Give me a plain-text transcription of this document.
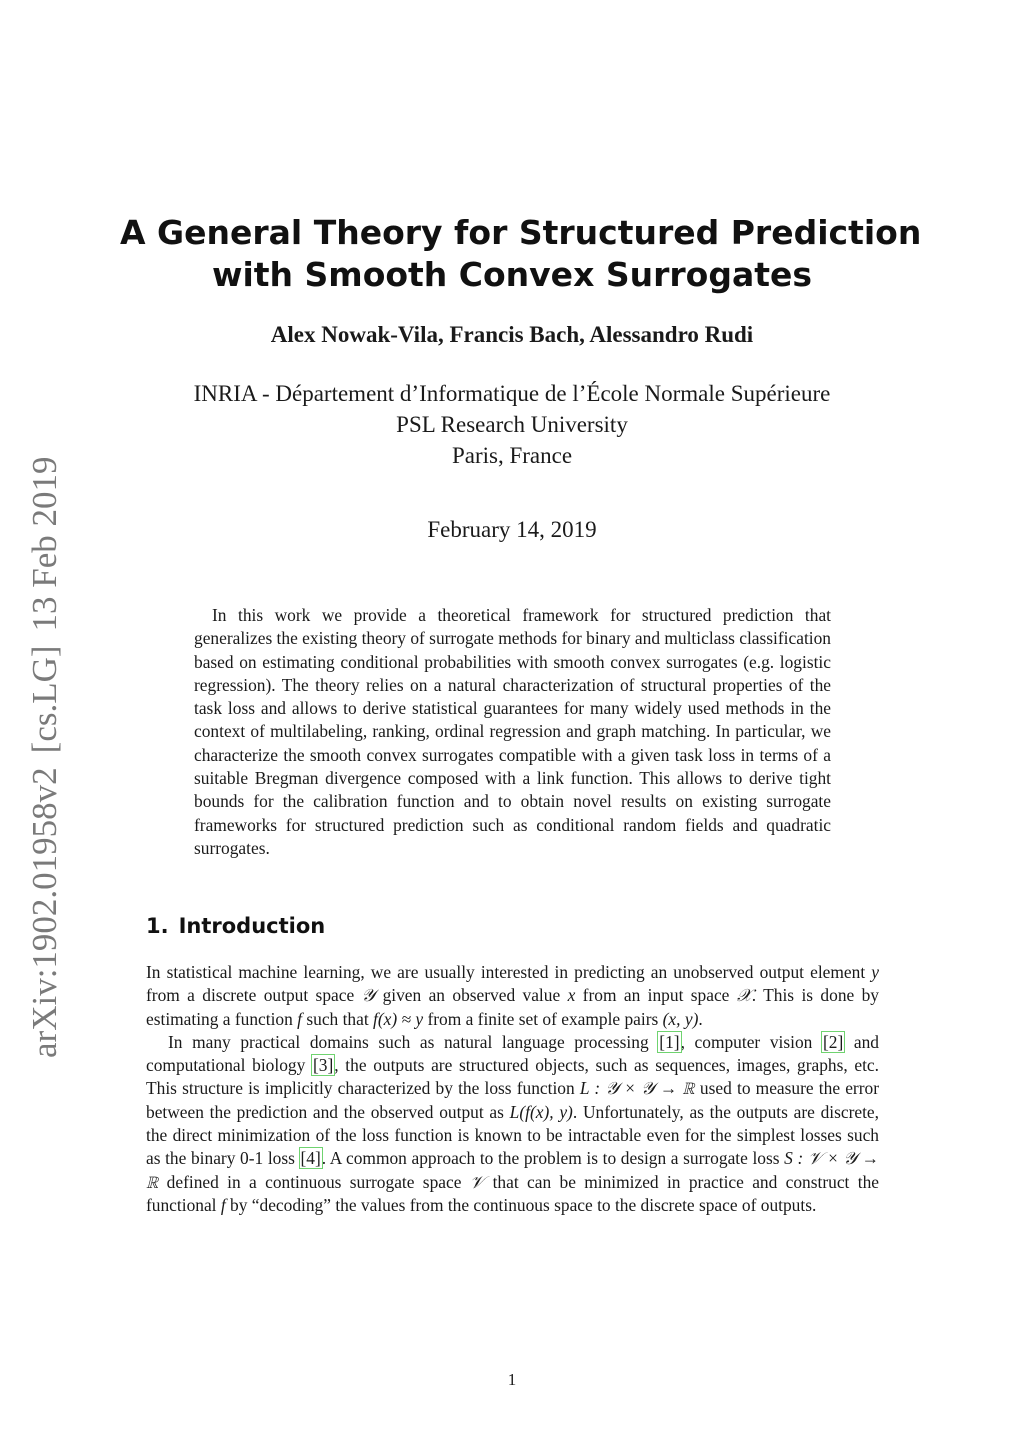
arXiv:1902.01958v2[cs.LG]13 Feb 2019
A General Theory for Structured Prediction
with Smooth Convex Surrogates
Alex Nowak-Vila, Francis Bach, Alessandro Rudi
INRIA - Département d’Informatique de l’École Normale Supérieure
PSL Research University
Paris, France
February 14, 2019

In this work we provide a theoretical framework for structured prediction that generalizes the existing theory of surrogate methods for binary and multiclass classification based on estimating conditional probabilities with smooth convex surrogates (e.g. logistic regression). The theory relies on a natural characterization of structural properties of the task loss and allows to derive statistical guarantees for many widely used methods in the context of multilabeling, ranking, ordinal regression and graph matching. In particular, we characterize the smooth convex surrogates compatible with a given task loss in terms of a suitable Bregman divergence composed with a link function. This allows to derive tight bounds for the calibration function and to obtain novel results on existing surrogate frameworks for structured prediction such as conditional random fields and quadratic surrogates.

1. Introduction

In statistical machine learning, we are usually interested in predicting an unobserved output element y from a discrete output space 𝒴 given an observed value x from an input space 𝒳. This is done by estimating a function f such that f(x) ≈ y from a finite set of example pairs (x, y).

In many practical domains such as natural language processing [1], computer vision [2] and computational biology [3], the outputs are structured objects, such as sequences, images, graphs, etc. This structure is implicitly characterized by the loss function L : 𝒴 × 𝒴 → ℝ used to measure the error between the prediction and the observed output as L(f(x), y). Unfortunately, as the outputs are discrete, the direct minimization of the loss function is known to be intractable even for the simplest losses such as the binary 0-1 loss [4]. A common approach to the problem is to design a surrogate loss S : 𝒱 × 𝒴 → ℝ defined in a continuous surrogate space 𝒱 that can be minimized in practice and construct the functional f by “decoding” the values from the continuous space to the discrete space of outputs.

1
